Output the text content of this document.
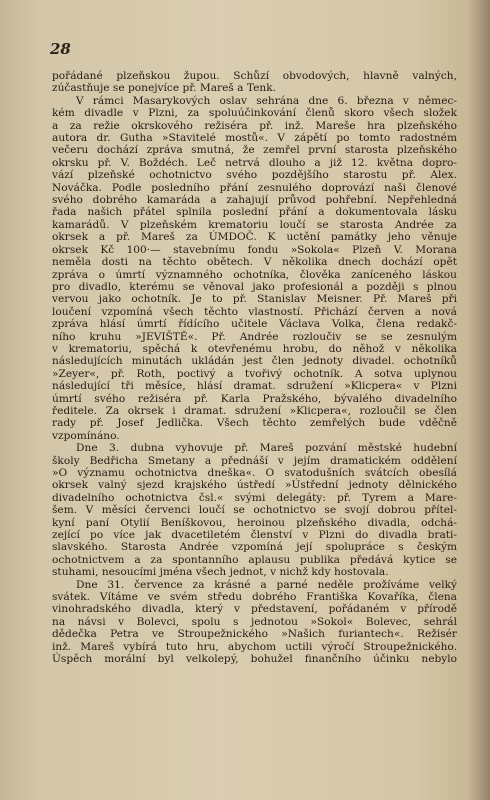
28
pořádané plzeňskou župou. Schůzí obvodových, hlavně valných,
zúčastňuje se ponejvíce př. Mareš a Tenk.
V rámci Masarykových oslav sehrána dne 6. března v němec-
kém divadle v Plzni, za spoluúčinkování členů skoro všech složek
a za režie okrskového režiséra př. inž. Mareše hra plzeňského
autora dr. Gutha »Stavitelé mostů«. V zápětí po tomto radostném
večeru dochází zpráva smutná, že zemřel první starosta plzeňského
okrsku př. V. Boždéch. Leč netrvá dlouho a již 12. května dopro-
vází plzeňské ochotnictvo svého pozdějšího starostu př. Alex.
Nováčka. Podle posledního přání zesnulého doprovází naši členové
svého dobrého kamaráda a zahajují průvod pohřební. Nepřehledná
řada našich přátel splnila poslední přání a dokumentovala lásku
kamarádů. V plzeňském krematoriu loučí se starosta Andrée za
okrsek a př. Mareš za ÚMDOČ. K uctění památky jeho věnuje
okrsek Kč 100·— stavebnímu fondu »Sokola« Plzeň V. Morana
neměla dosti na těchto obětech. V několika dnech dochází opět
zpráva o úmrtí významného ochotníka, člověka zaníceného láskou
pro divadlo, kterému se věnoval jako profesionál a později s plnou
vervou jako ochotník. Je to př. Stanislav Meisner. Př. Mareš při
loučení vzpomíná všech těchto vlastností. Přichází červen a nová
zpráva hlásí úmrtí řídícího učitele Václava Volka, člena redakč-
ního kruhu »JEVIŠTĚ«. Př. Andrée rozloučiv se se zesnulým
v krematoriu, spěchá k otevřenému hrobu, do něhož v několika
následujících minutách ukládán jest člen jednoty divadel. ochotníků
»Zeyer«, př. Roth, poctivý a tvořivý ochotník. A sotva uplynou
následující tři měsíce, hlásí dramat. sdružení »Klicpera« v Plzni
úmrtí svého režiséra př. Karla Pražského, bývalého divadelního
ředitele. Za okrsek i dramat. sdružení »Klicpera«, rozloučil se člen
rady př. Josef Jedlička. Všech těchto zemřelých bude vděčně
vzpomínáno.
Dne 3. dubna vyhovuje př. Mareš pozvání městské hudební
školy Bedřicha Smetany a přednáší v jejím dramatickém oddělení
»O významu ochotnictva dneška«. O svatodušních svátcích obesílá
okrsek valný sjezd krajského ústředí »Ústřední jednoty dělnického
divadelního ochotnictva čsl.« svými delegáty: př. Tyrem a Mare-
šem. V měsíci červenci loučí se ochotnictvo se svojí dobrou přítel-
kyní paní Otylií Beníškovou, heroinou plzeňského divadla, odchá-
zející po více jak dvacetiletém členství v Plzni do divadla brati-
slavského. Starosta Andrée vzpomíná její spolupráce s českým
ochotnictvem a za spontanního aplausu publika předává kytice se
stuhami, nesoucími jména všech jednot, v nichž kdy hostovala.
Dne 31. července za krásné a parné neděle prožíváme velký
svátek. Vítáme ve svém středu dobrého Františka Kovaříka, člena
vinohradského divadla, který v představení, pořádaném v přírodě
na návsi v Bolevci, spolu s jednotou »Sokol« Bolevec, sehrál
dědečka Petra ve Stroupežnického »Našich furiantech«. Režisér
inž. Mareš vybírá tuto hru, abychom uctili výročí Stroupežnického.
Úspěch morální byl velkolepý, bohužel finančního účinku nebylo
